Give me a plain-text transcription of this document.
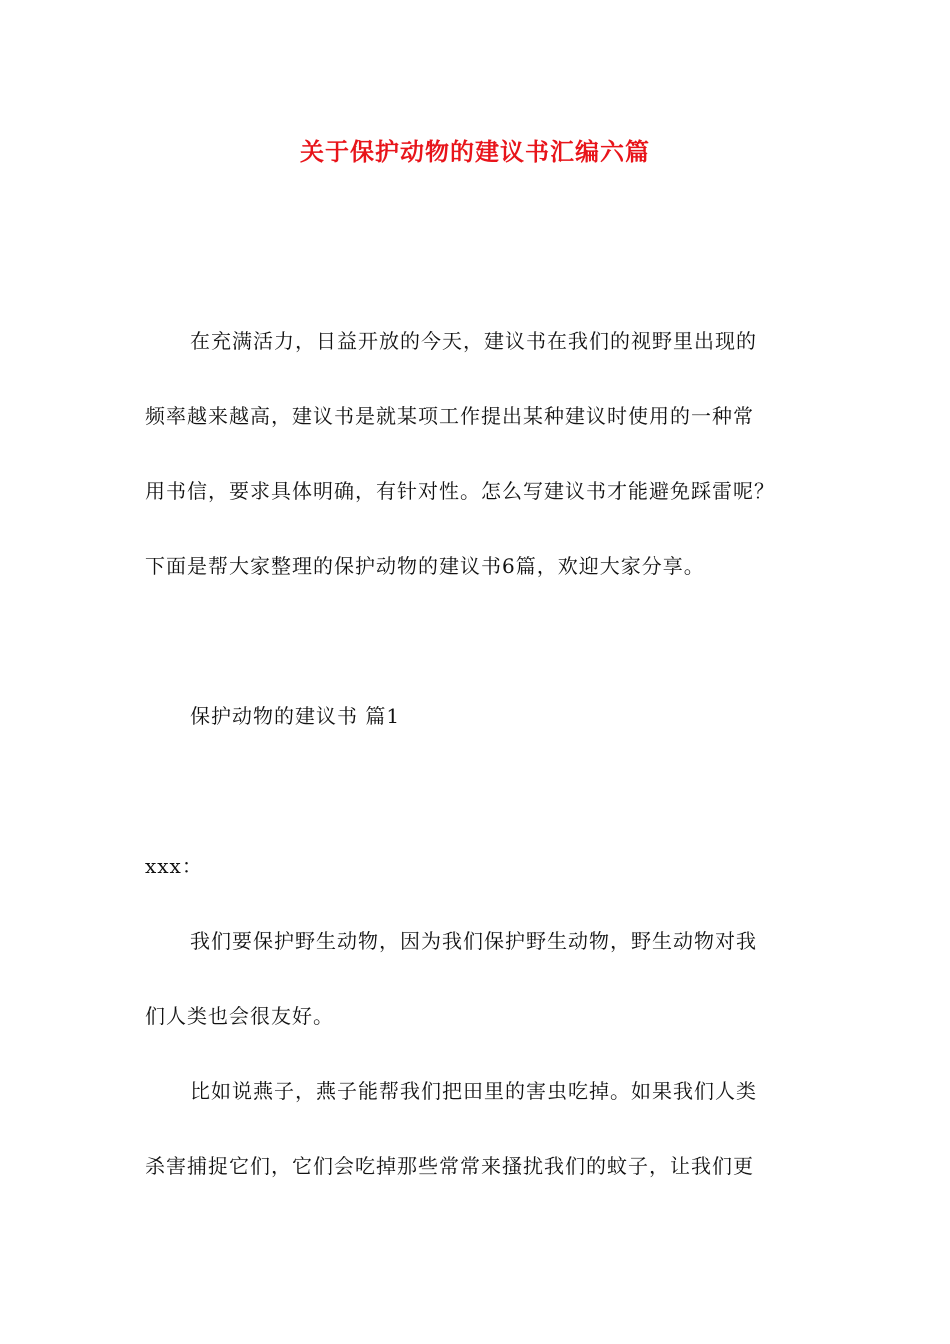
关于保护动物的建议书汇编六篇
在充满活力，日益开放的今天，建议书在我们的视野里出现的
频率越来越高，建议书是就某项工作提出某种建议时使用的一种常
用书信，要求具体明确，有针对性。怎么写建议书才能避免踩雷呢？
下面是帮大家整理的保护动物的建议书6篇，欢迎大家分享。
保护动物的建议书 篇1
xxx：
我们要保护野生动物，因为我们保护野生动物，野生动物对我
们人类也会很友好。
比如说燕子，燕子能帮我们把田里的害虫吃掉。如果我们人类
杀害捕捉它们，它们会吃掉那些常常来搔扰我们的蚊子，让我们更
